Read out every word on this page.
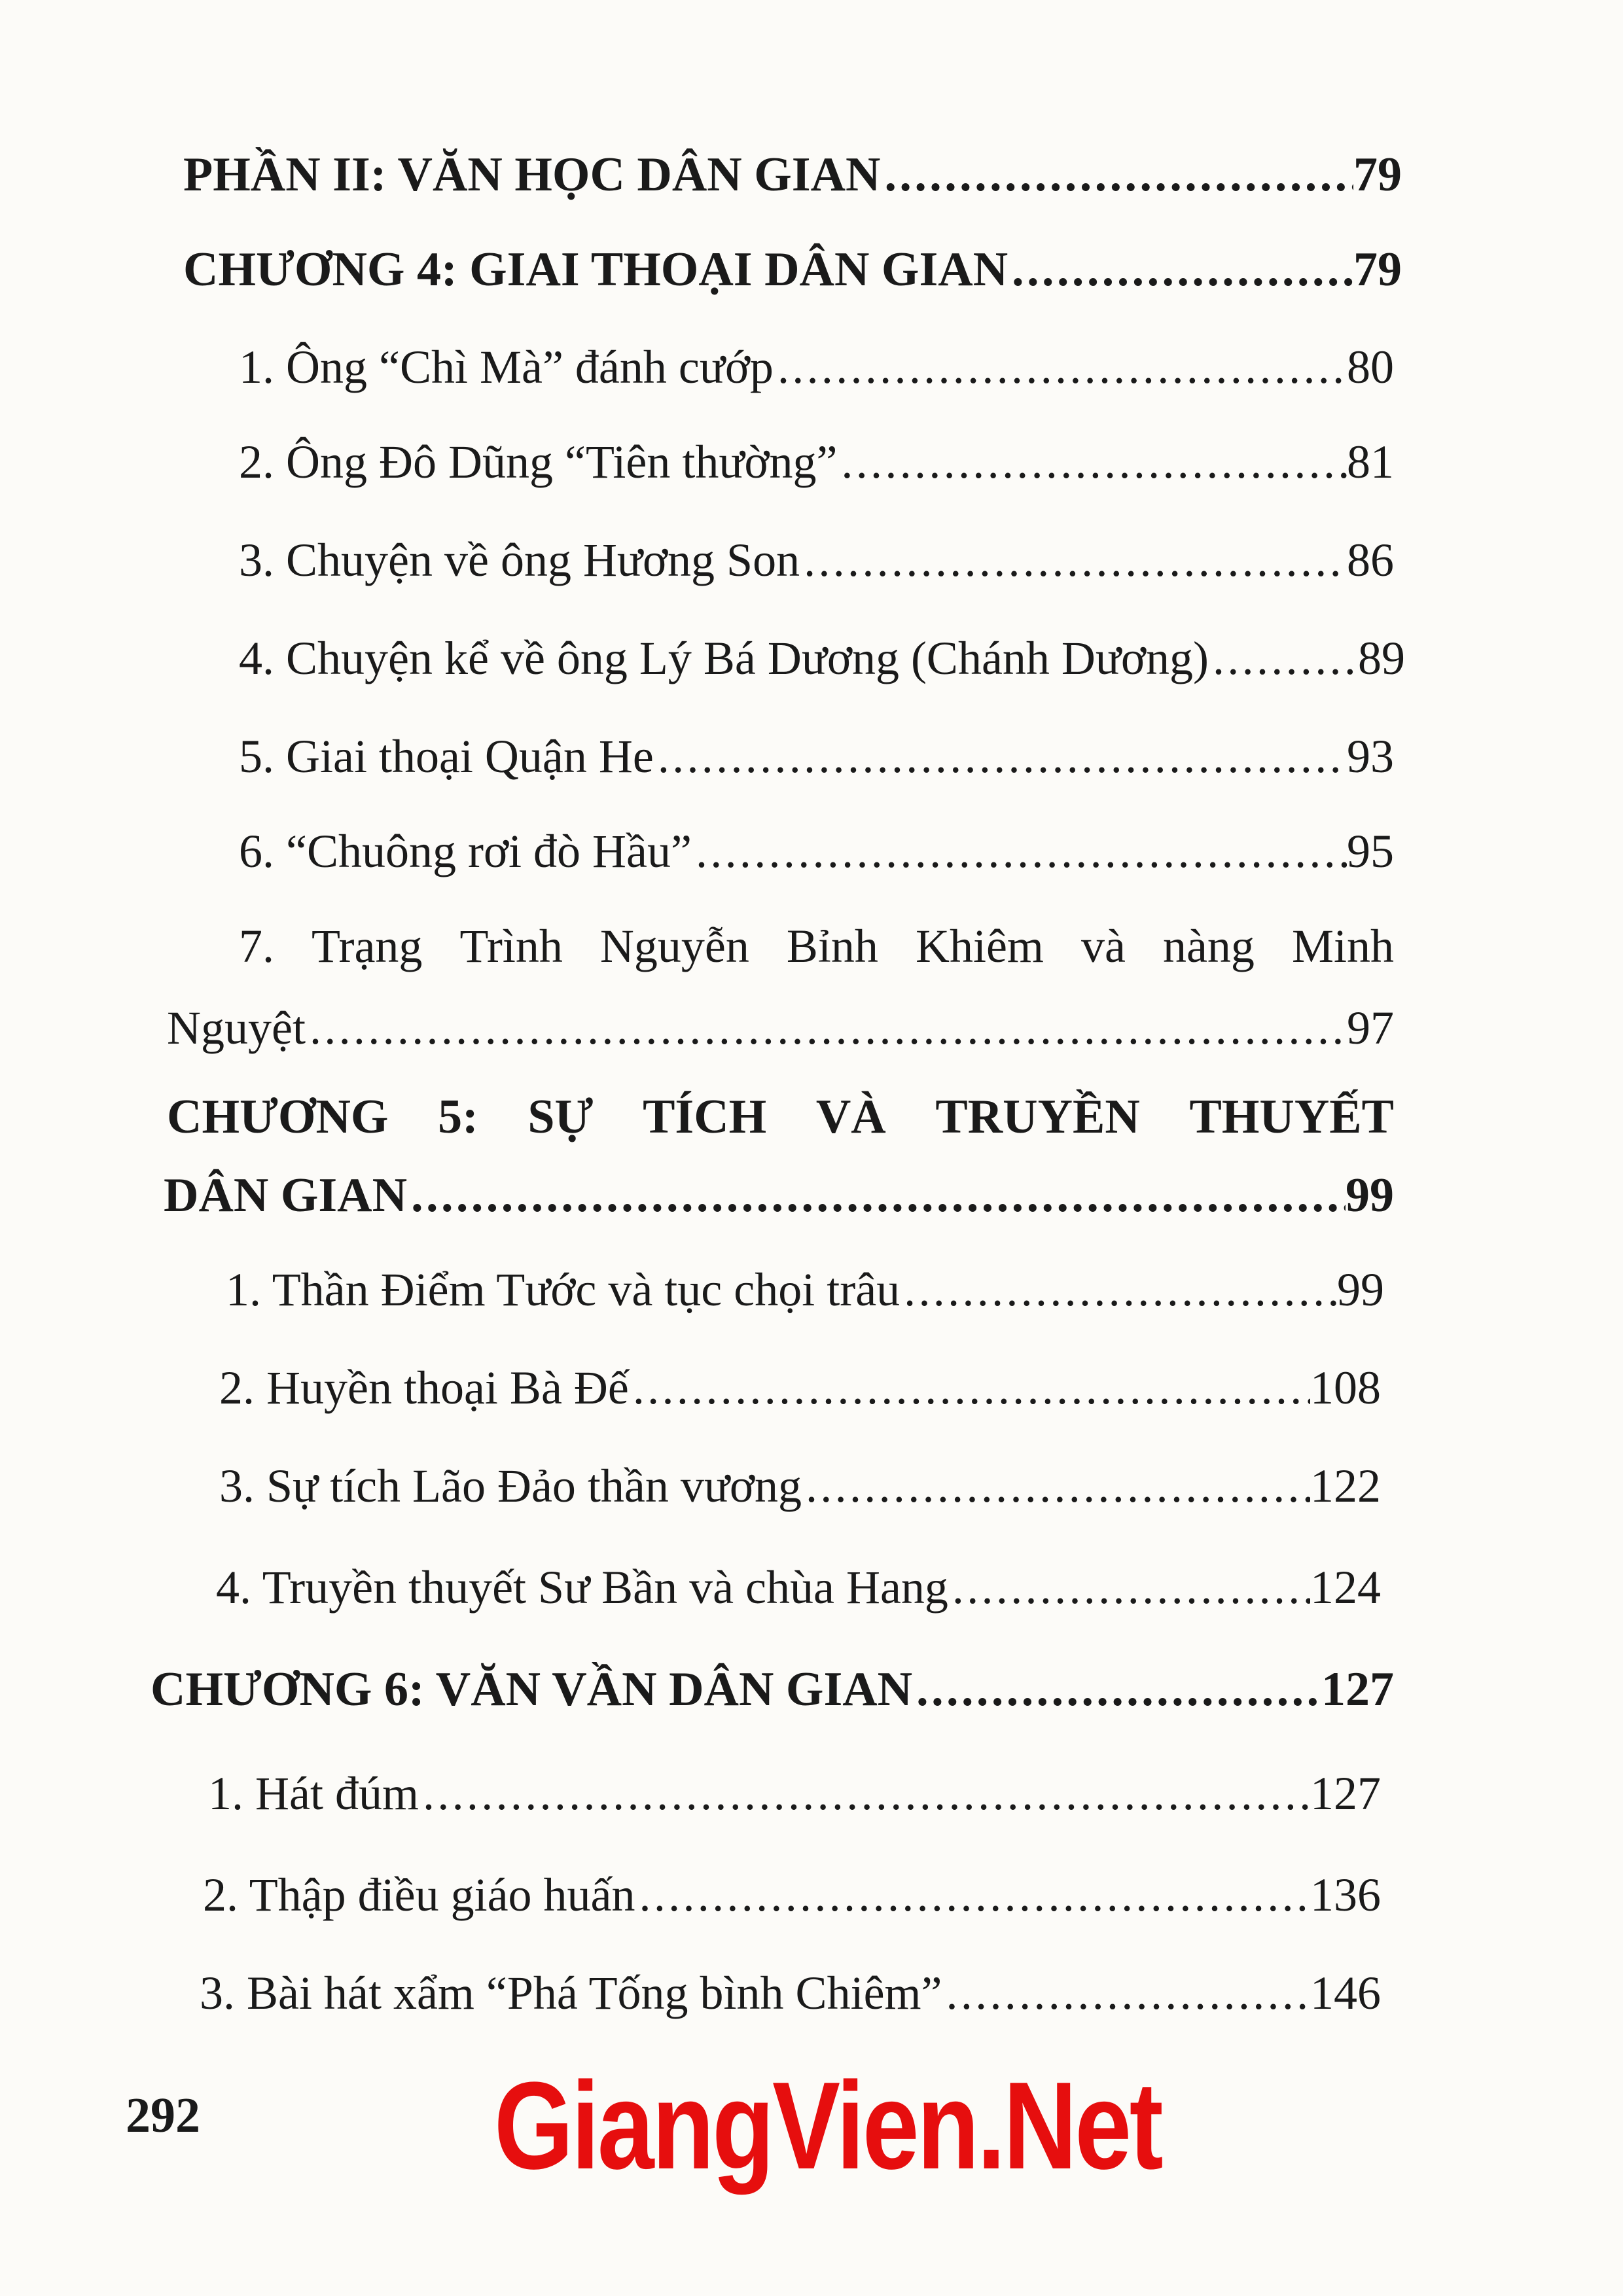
PHẦN II: VĂN HỌC DÂN GIAN .....	79
CHƯƠNG 4: GIAI THOẠI DÂN GIAN .....	79
1. Ông “Chì Mà” đánh cướp .....	80
2. Ông Đô Dũng “Tiên thường” .....	81
3. Chuyện về ông Hương Son .....	86
4. Chuyện kể về ông Lý Bá Dương (Chánh Dương) .....	89
5. Giai thoại Quận He .....	93
6. “Chuông rơi đò Hầu” .....	95
7. Trạng Trình Nguyễn Bỉnh Khiêm và nàng Minh
Nguyệt .....	97
CHƯƠNG 5: SỰ TÍCH VÀ TRUYỀN THUYẾT
DÂN GIAN .....	99
1. Thần Điểm Tước và tục chọi trâu .....	99
2. Huyền thoại Bà Đế .....	108
3. Sự tích Lão Đảo thần vương .....	122
4. Truyền thuyết Sư Bần và chùa Hang .....	124
CHƯƠNG 6: VĂN VẦN DÂN GIAN .....	127
1. Hát đúm .....	127
2. Thập điều giáo huấn .....	136
3. Bài hát xẩm “Phá Tống bình Chiêm” .....	146
292 GiangVien.Net
